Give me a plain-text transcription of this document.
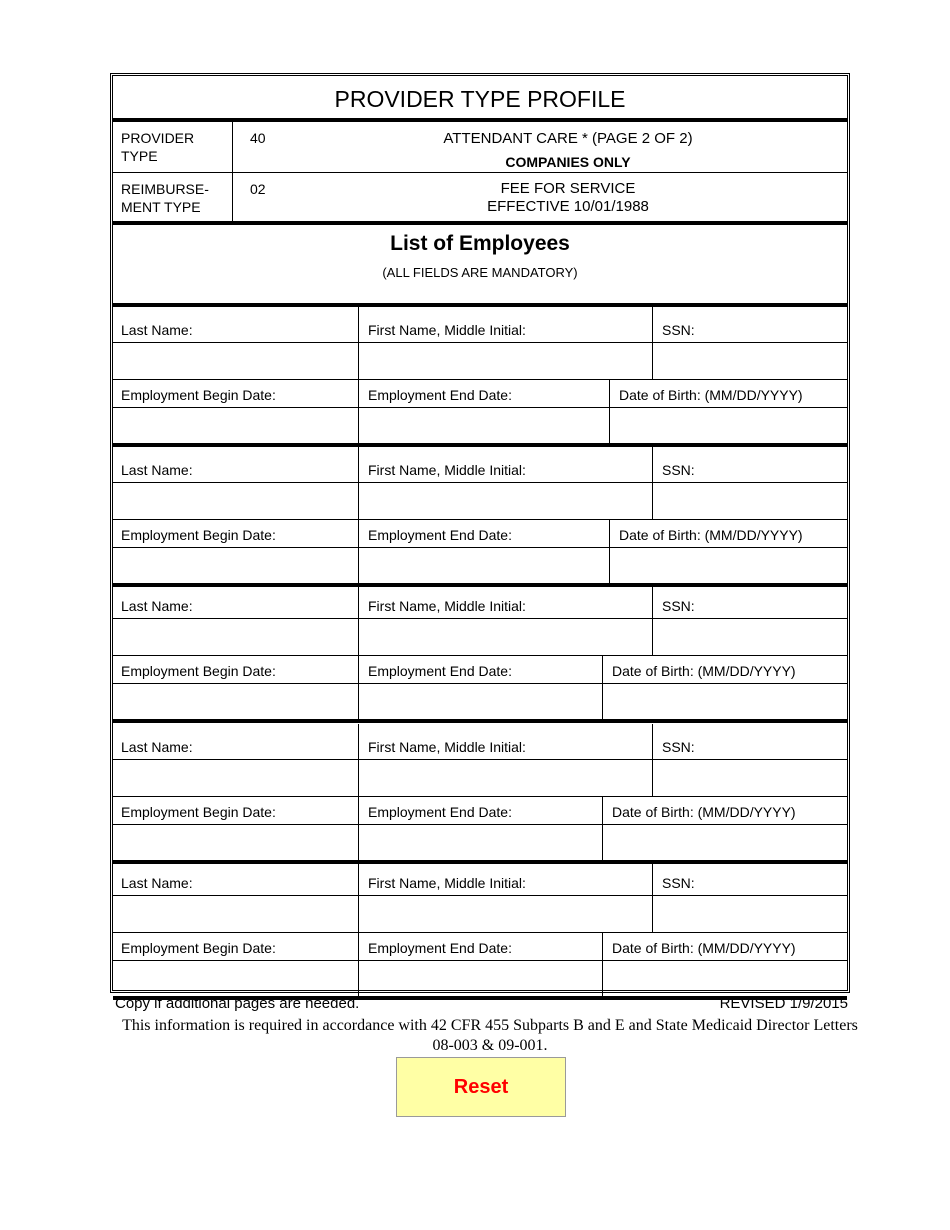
PROVIDER TYPE PROFILE
PROVIDER
TYPE
40	ATTENDANT CARE * (PAGE 2 OF 2)
COMPANIES ONLY
REIMBURSE-
MENT TYPE
02	FEE FOR SERVICE
EFFECTIVE 10/01/1988
List of Employees
(ALL FIELDS ARE MANDATORY)
Last Name:	First Name, Middle Initial:	SSN:
Employment Begin Date:	Employment End Date:	Date of Birth: (MM/DD/YYYY)
Last Name:	First Name, Middle Initial:	SSN:
Employment Begin Date:	Employment End Date:	Date of Birth: (MM/DD/YYYY)
Last Name:	First Name, Middle Initial:	SSN:
Employment Begin Date:	Employment End Date:	Date of Birth: (MM/DD/YYYY)
Last Name:	First Name, Middle Initial:	SSN:
Employment Begin Date:	Employment End Date:	Date of Birth: (MM/DD/YYYY)
Last Name:	First Name, Middle Initial:	SSN:
Employment Begin Date:	Employment End Date:	Date of Birth: (MM/DD/YYYY)
Copy if additional pages are needed.	REVISED 1/9/2015
This information is required in accordance with 42 CFR 455 Subparts B and E and State Medicaid Director Letters
08-003 & 09-001.
Reset
